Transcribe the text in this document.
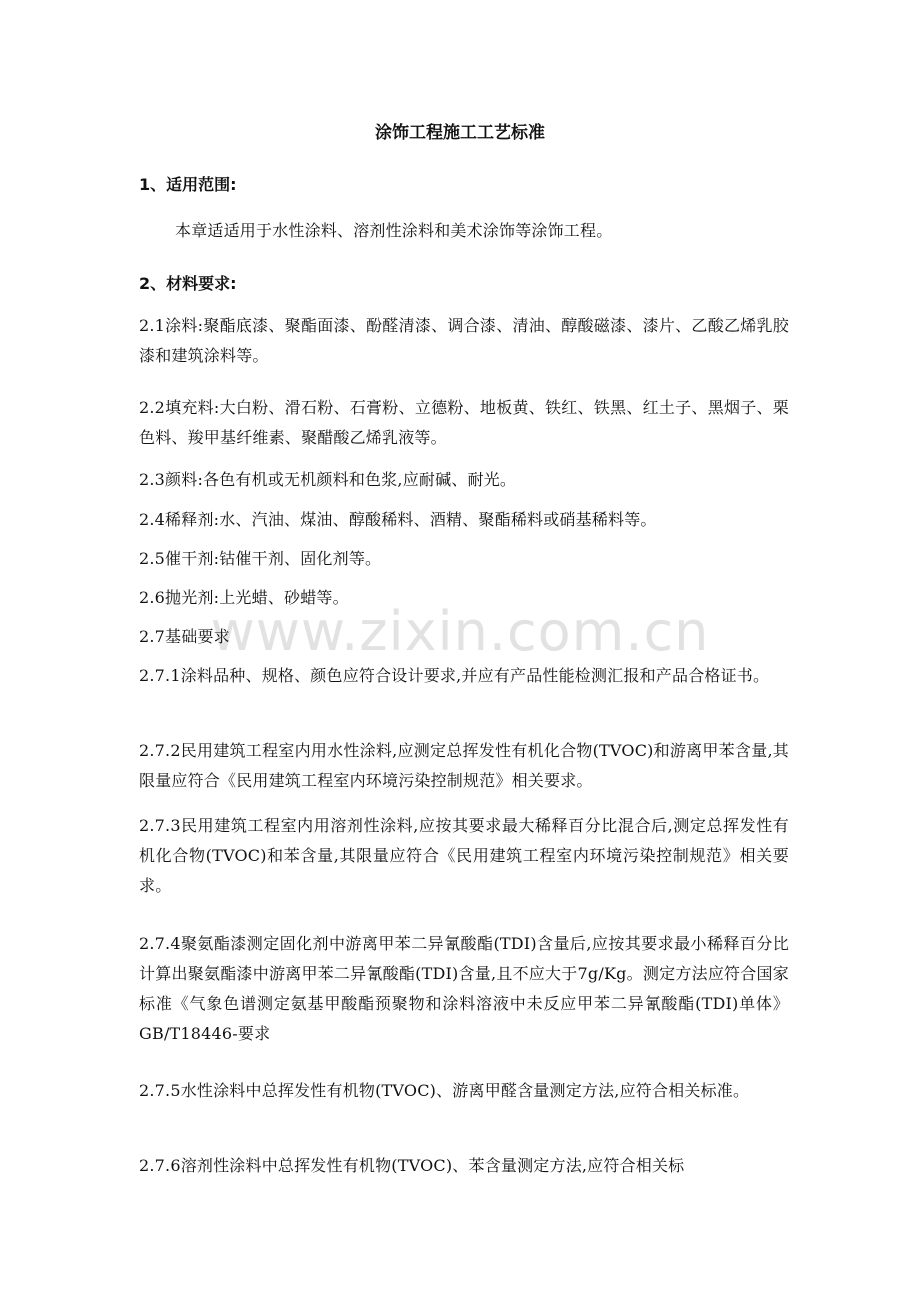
www.zixin.com.cn
涂饰工程施工工艺标准
1、适用范围:
本章适适用于水性涂料、溶剂性涂料和美术涂饰等涂饰工程。
2、材料要求:
2.1涂料:聚酯底漆、聚酯面漆、酚醛清漆、调合漆、清油、醇酸磁漆、漆片、乙酸乙烯乳胶漆和建筑涂料等。
2.2填充料:大白粉、滑石粉、石膏粉、立德粉、地板黄、铁红、铁黑、红土子、黑烟子、栗色料、羧甲基纤维素、聚醋酸乙烯乳液等。
2.3颜料:各色有机或无机颜料和色浆,应耐碱、耐光。
2.4稀释剂:水、汽油、煤油、醇酸稀料、酒精、聚酯稀料或硝基稀料等。
2.5催干剂:钴催干剂、固化剂等。
2.6抛光剂:上光蜡、砂蜡等。
2.7基础要求
2.7.1涂料品种、规格、颜色应符合设计要求,并应有产品性能检测汇报和产品合格证书。
2.7.2民用建筑工程室内用水性涂料,应测定总挥发性有机化合物(TVOC)和游离甲苯含量,其限量应符合《民用建筑工程室内环境污染控制规范》相关要求。
2.7.3民用建筑工程室内用溶剂性涂料,应按其要求最大稀释百分比混合后,测定总挥发性有机化合物(TVOC)和苯含量,其限量应符合《民用建筑工程室内环境污染控制规范》相关要求。
2.7.4聚氨酯漆测定固化剂中游离甲苯二异氰酸酯(TDI)含量后,应按其要求最小稀释百分比计算出聚氨酯漆中游离甲苯二异氰酸酯(TDI)含量,且不应大于7g/Kg。测定方法应符合国家标准《气象色谱测定氨基甲酸酯预聚物和涂料溶液中未反应甲苯二异氰酸酯(TDI)单体》GB/T18446-要求
2.7.5水性涂料中总挥发性有机物(TVOC)、游离甲醛含量测定方法,应符合相关标准。
2.7.6溶剂性涂料中总挥发性有机物(TVOC)、苯含量测定方法,应符合相关标
